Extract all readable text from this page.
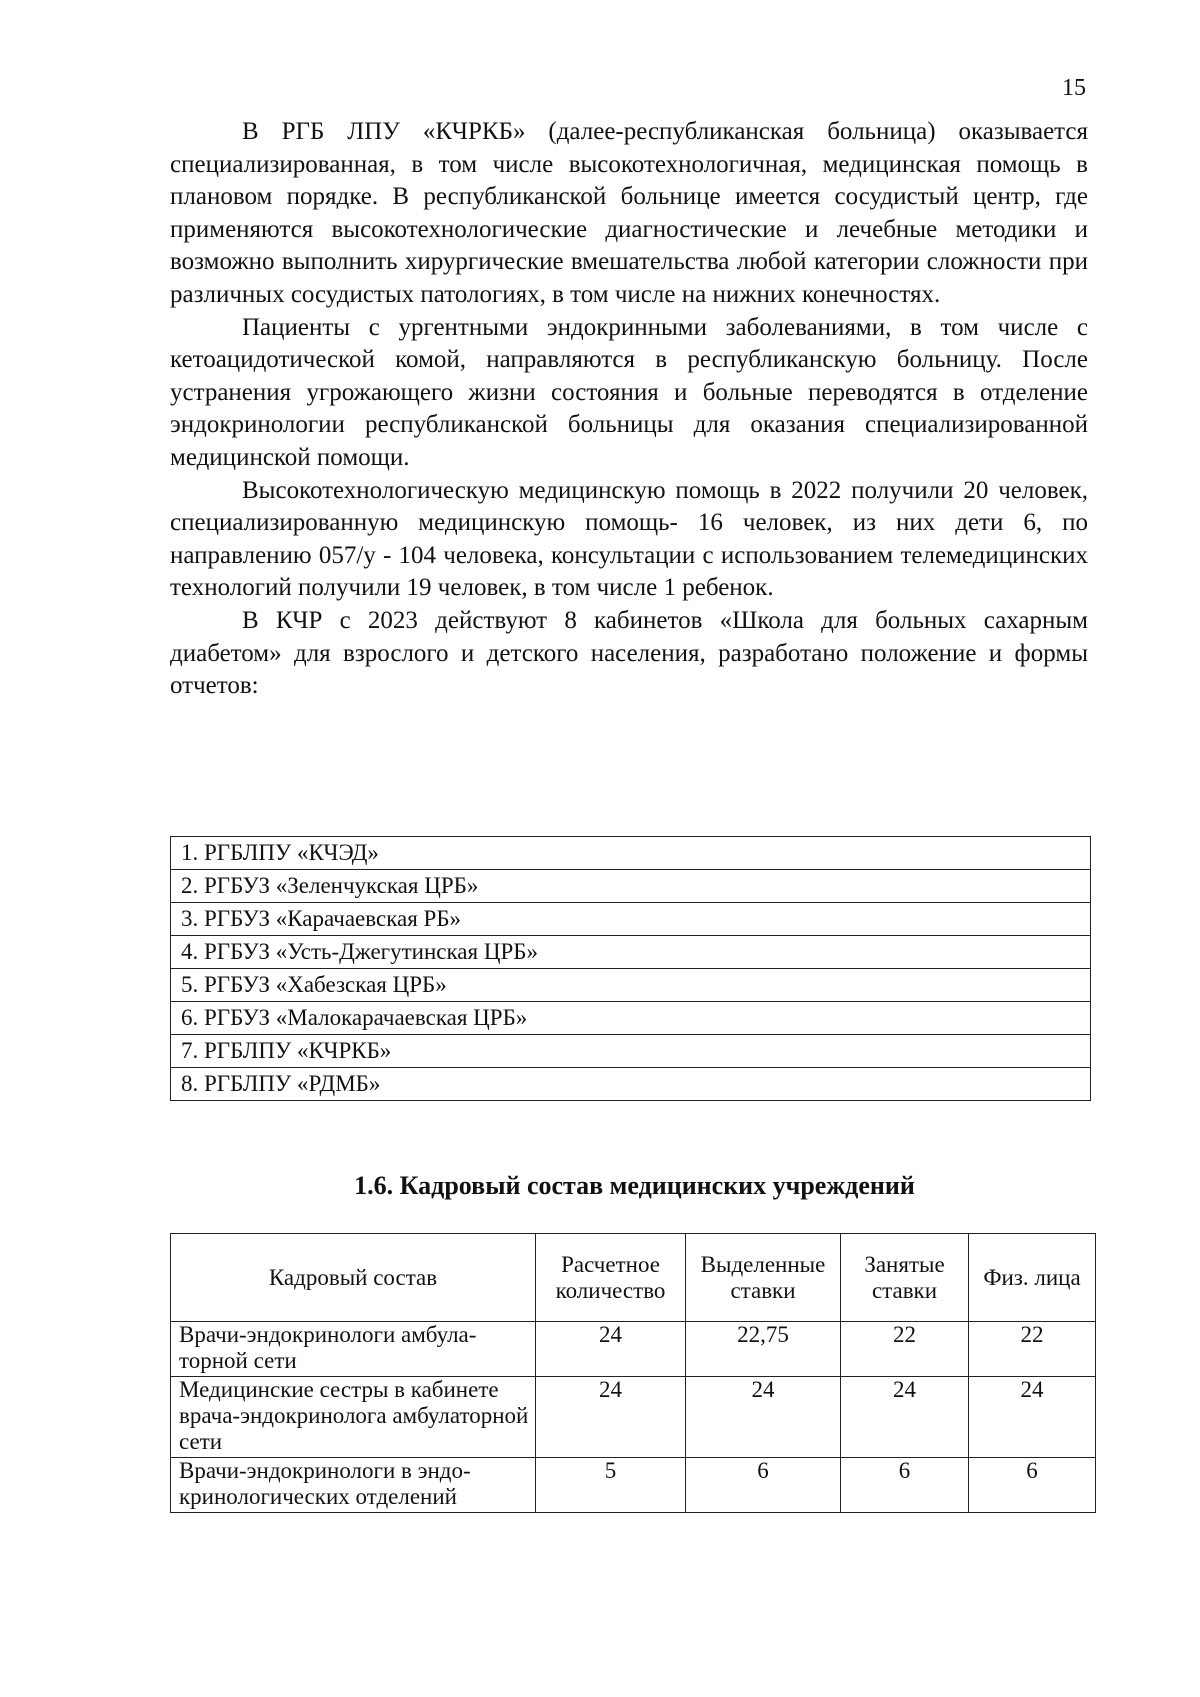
15

В РГБ ЛПУ «КЧРКБ» (далее-республиканская больница) оказывается специализированная, в том числе высокотехнологичная, медицинская помощь в плановом порядке. В республиканской больнице имеется сосудистый центр, где применяются высокотехнологические диагностические и лечебные методики и возможно выполнить хирургические вмешательства любой категории сложности при различных сосудистых патологиях, в том числе на нижних конечностях.

Пациенты с ургентными эндокринными заболеваниями, в том числе с кетоацидотической комой, направляются в республиканскую больницу. После устранения угрожающего жизни состояния и больные переводятся в отделение эндокринологии республиканской больницы для оказания специализированной медицинской помощи.

Высокотехнологическую медицинскую помощь в 2022 получили 20 человек, специализированную медицинскую помощь- 16 человек, из них дети 6, по направлению 057/у - 104 человека, консультации с использованием телемедицинских технологий получили 19 человек, в том числе 1 ребенок.

В КЧР с 2023 действуют 8 кабинетов «Школа для больных сахарным диабетом» для взрослого и детского населения, разработано положение и формы отчетов:

1. РГБЛПУ «КЧЭД»
2. РГБУЗ «Зеленчукская ЦРБ»
3. РГБУЗ «Карачаевская РБ»
4. РГБУЗ «Усть-Джегутинская ЦРБ»
5. РГБУЗ «Хабезская ЦРБ»
6. РГБУЗ «Малокарачаевская ЦРБ»
7. РГБЛПУ «КЧРКБ»
8. РГБЛПУ «РДМБ»
1.6. Кадровый состав медицинских учреждений
Кадровый состав	Расчетное количество	Выделенные ставки	Занятые ставки	Физ. лица
Врачи-эндокринологи амбулаторной сети	24	22,75	22	22
Медицинские сестры в кабинете врача-эндокринолога амбулаторной сети	24	24	24	24
Врачи-эндокринологи в эндокринологических отделений	5	6	6	6
